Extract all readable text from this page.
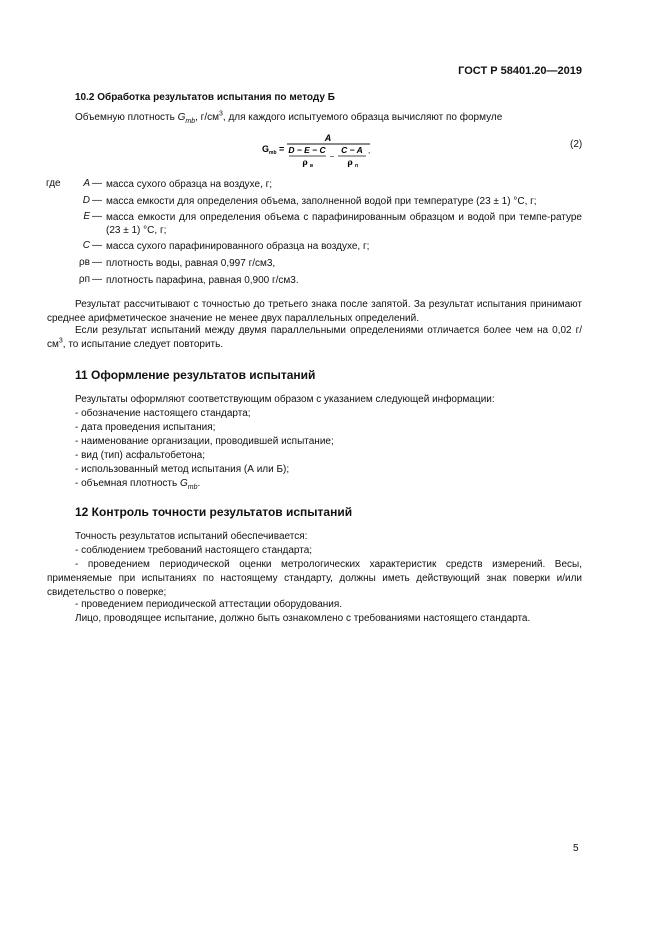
ГОСТ Р 58401.20—2019
10.2 Обработка результатов испытания по методу Б
Объемную плотность $G_{mb}$, $г/см^3$, для каждого испытуемого образца вычисляют по формуле
G mb =
A
D − E − C
ρ в
−
C − A
ρ п
,
(2)
где	A — масса сухого образца на воздухе, г;
D — масса емкости для определения объема, заполненной водой при температуре (23 ± 1) °С, г;
E — масса емкости для определения объема с парафинированным образцом и водой при темпе-ратуре (23 ± 1) °С, г;
C — масса сухого парафинированного образца на воздухе, г;
ρв — плотность воды, равная 0,997 г/см3,
ρп — плотность парафина, равная 0,900 г/см3.
Результат рассчитывают с точностью до третьего знака после запятой. За результат испытания принимают среднее арифметическое значение не менее двух параллельных определений.
Если результат испытаний между двумя параллельными определениями отличается более чем на 0,02 $г/см^3$, то испытание следует повторить.
11 Оформление результатов испытаний
Результаты оформляют соответствующим образом с указанием следующей информации:
- обозначение настоящего стандарта;
- дата проведения испытания;
- наименование организации, проводившей испытание;
- вид (тип) асфальтобетона;
- использованный метод испытания (А или Б);
- объемная плотность $G_{mb}$.
12 Контроль точности результатов испытаний
Точность результатов испытаний обеспечивается:
- соблюдением требований настоящего стандарта;
- проведением периодической оценки метрологических характеристик средств измерений. Весы, применяемые при испытаниях по настоящему стандарту, должны иметь действующий знак поверки и/или свидетельство о поверке;
- проведением периодической аттестации оборудования.
Лицо, проводящее испытание, должно быть ознакомлено с требованиями настоящего стандарта.
5
